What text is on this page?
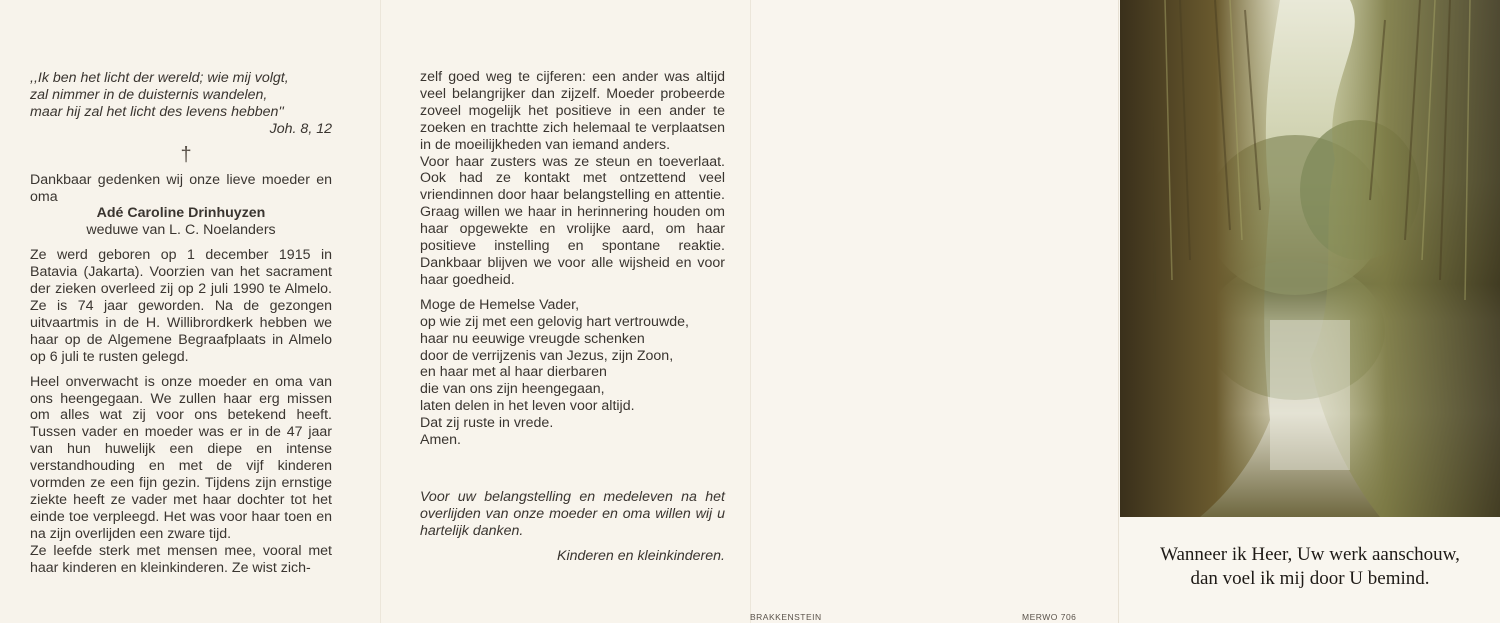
,,Ik ben het licht der wereld; wie mij volgt,
zal nimmer in de duisternis wandelen,
maar hij zal het licht des levens hebben''
Joh. 8, 12
†
Dankbaar gedenken wij onze lieve moeder en oma
Adé Caroline Drinhuyzen
weduwe van L. C. Noelanders
Ze werd geboren op 1 december 1915 in Batavia (Jakarta). Voorzien van het sacrament der zieken overleed zij op 2 juli 1990 te Almelo. Ze is 74 jaar geworden. Na de gezongen uitvaartmis in de H. Willibrordkerk hebben we haar op de Algemene Begraafplaats in Almelo op 6 juli te rusten gelegd.
Heel onverwacht is onze moeder en oma van ons heengegaan. We zullen haar erg missen om alles wat zij voor ons betekend heeft. Tussen vader en moeder was er in de 47 jaar van hun huwelijk een diepe en intense verstandhouding en met de vijf kinderen vormden ze een fijn gezin. Tijdens zijn ernstige ziekte heeft ze vader met haar dochter tot het einde toe verpleegd. Het was voor haar toen en na zijn overlijden een zware tijd.
Ze leefde sterk met mensen mee, vooral met haar kinderen en kleinkinderen. Ze wist zich-
zelf goed weg te cijferen: een ander was altijd veel belangrijker dan zijzelf. Moeder probeerde zoveel mogelijk het positieve in een ander te zoeken en trachtte zich helemaal te verplaatsen in de moeilijkheden van iemand anders.
Voor haar zusters was ze steun en toeverlaat. Ook had ze kontakt met ontzettend veel vriendinnen door haar belangstelling en attentie. Graag willen we haar in herinnering houden om haar opgewekte en vrolijke aard, om haar positieve instelling en spontane reaktie. Dankbaar blijven we voor alle wijsheid en voor haar goedheid.
Moge de Hemelse Vader,
op wie zij met een gelovig hart vertrouwde,
haar nu eeuwige vreugde schenken
door de verrijzenis van Jezus, zijn Zoon,
en haar met al haar dierbaren
die van ons zijn heengegaan,
laten delen in het leven voor altijd.
Dat zij ruste in vrede.
Amen.
Voor uw belangstelling en medeleven na het overlijden van onze moeder en oma willen wij u hartelijk danken.
Kinderen en kleinkinderen.
BRAKKENSTEIN	MERWO 706
Wanneer ik Heer, Uw werk aanschouw,
dan voel ik mij door U bemind.
